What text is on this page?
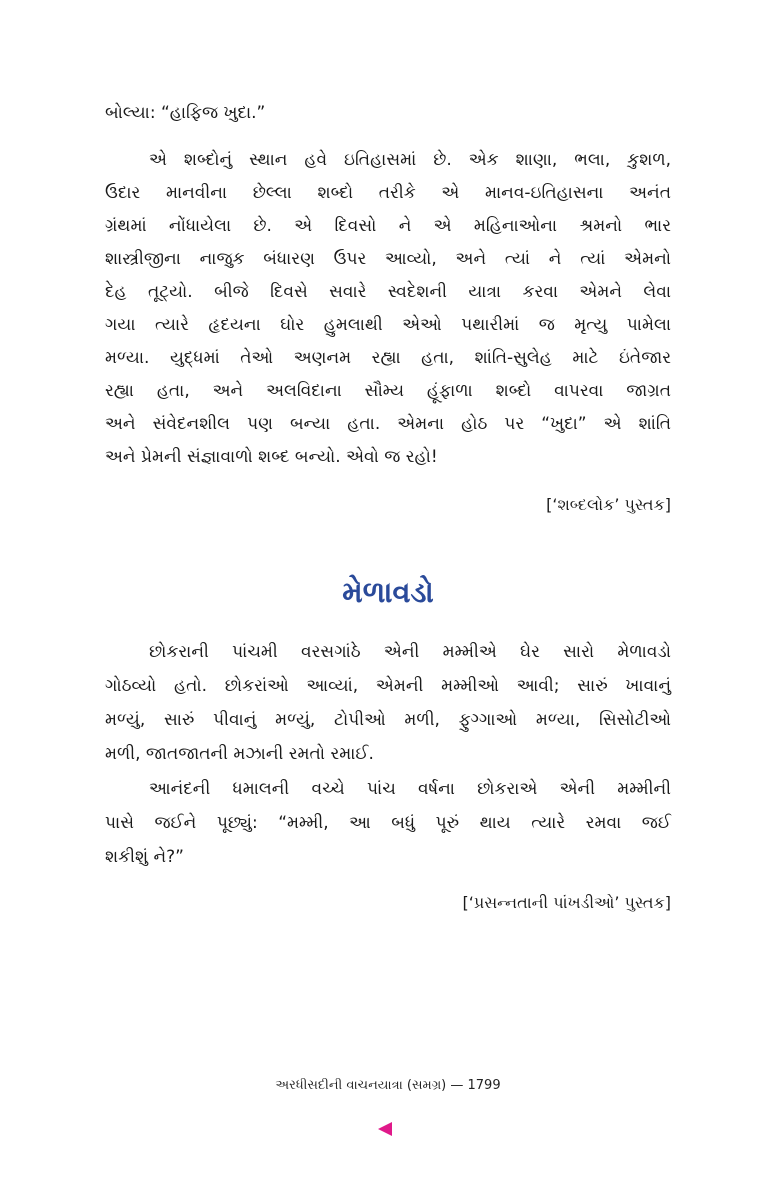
બોલ્યા: “હાફિજ ખુદા.”
એ શબ્દોનું સ્થાન હવે ઇતિહાસમાં છે. એક શાણા, ભલા, કુશળ,
ઉદાર માનવીના છેલ્લા શબ્દો તરીકે એ માનવ-ઇતિહાસના અનંત
ગ્રંથમાં નોંધાયેલા છે. એ દિવસો ને એ મહિનાઓના શ્રમનો ભાર
શાસ્ત્રીજીના નાજુક બંધારણ ઉપર આવ્યો, અને ત્યાં ને ત્યાં એમનો
દેહ તૂટ્યો. બીજે દિવસે સવારે સ્વદેશની યાત્રા કરવા એમને લેવા
ગયા ત્યારે હૃદયના ઘોર હુમલાથી એઓ પથારીમાં જ મૃત્યુ પામેલા
મળ્યા. યુદ્ધમાં તેઓ અણનમ રહ્યા હતા, શાંતિ-સુલેહ માટે ઇંતેજાર
રહ્યા હતા, અને અલવિદાના સૌમ્ય હૂંફાળા શબ્દો વાપરવા જાગ્રત
અને સંવેદનશીલ પણ બન્યા હતા. એમના હોઠ પર “ખુદા” એ શાંતિ
અને પ્રેમની સંજ્ઞાવાળો શબ્દ બન્યો. એવો જ રહો!
[‘શબ્દલોક’ પુસ્તક]
મેળાવડો
છોકરાની પાંચમી વરસગાંઠે એની મમ્મીએ ઘેર સારો મેળાવડો
ગોઠવ્યો હતો. છોકરાંઓ આવ્યાં, એમની મમ્મીઓ આવી; સારું ખાવાનું
મળ્યું, સારું પીવાનું મળ્યું, ટોપીઓ મળી, ફુગ્ગાઓ મળ્યા, સિસોટીઓ
મળી, જાતજાતની મઝાની રમતો રમાઈ.
આનંદની ધમાલની વચ્ચે પાંચ વર્ષના છોકરાએ એની મમ્મીની
પાસે જઈને પૂછ્યું: “મમ્મી, આ બધું પૂરું થાય ત્યારે રમવા જઈ
શકીશું ને?”
[‘પ્રસન્નતાની પાંખડીઓ’ પુસ્તક]
અરધીસદીની વાચનયાત્રા (સમગ્ર) — 1799
